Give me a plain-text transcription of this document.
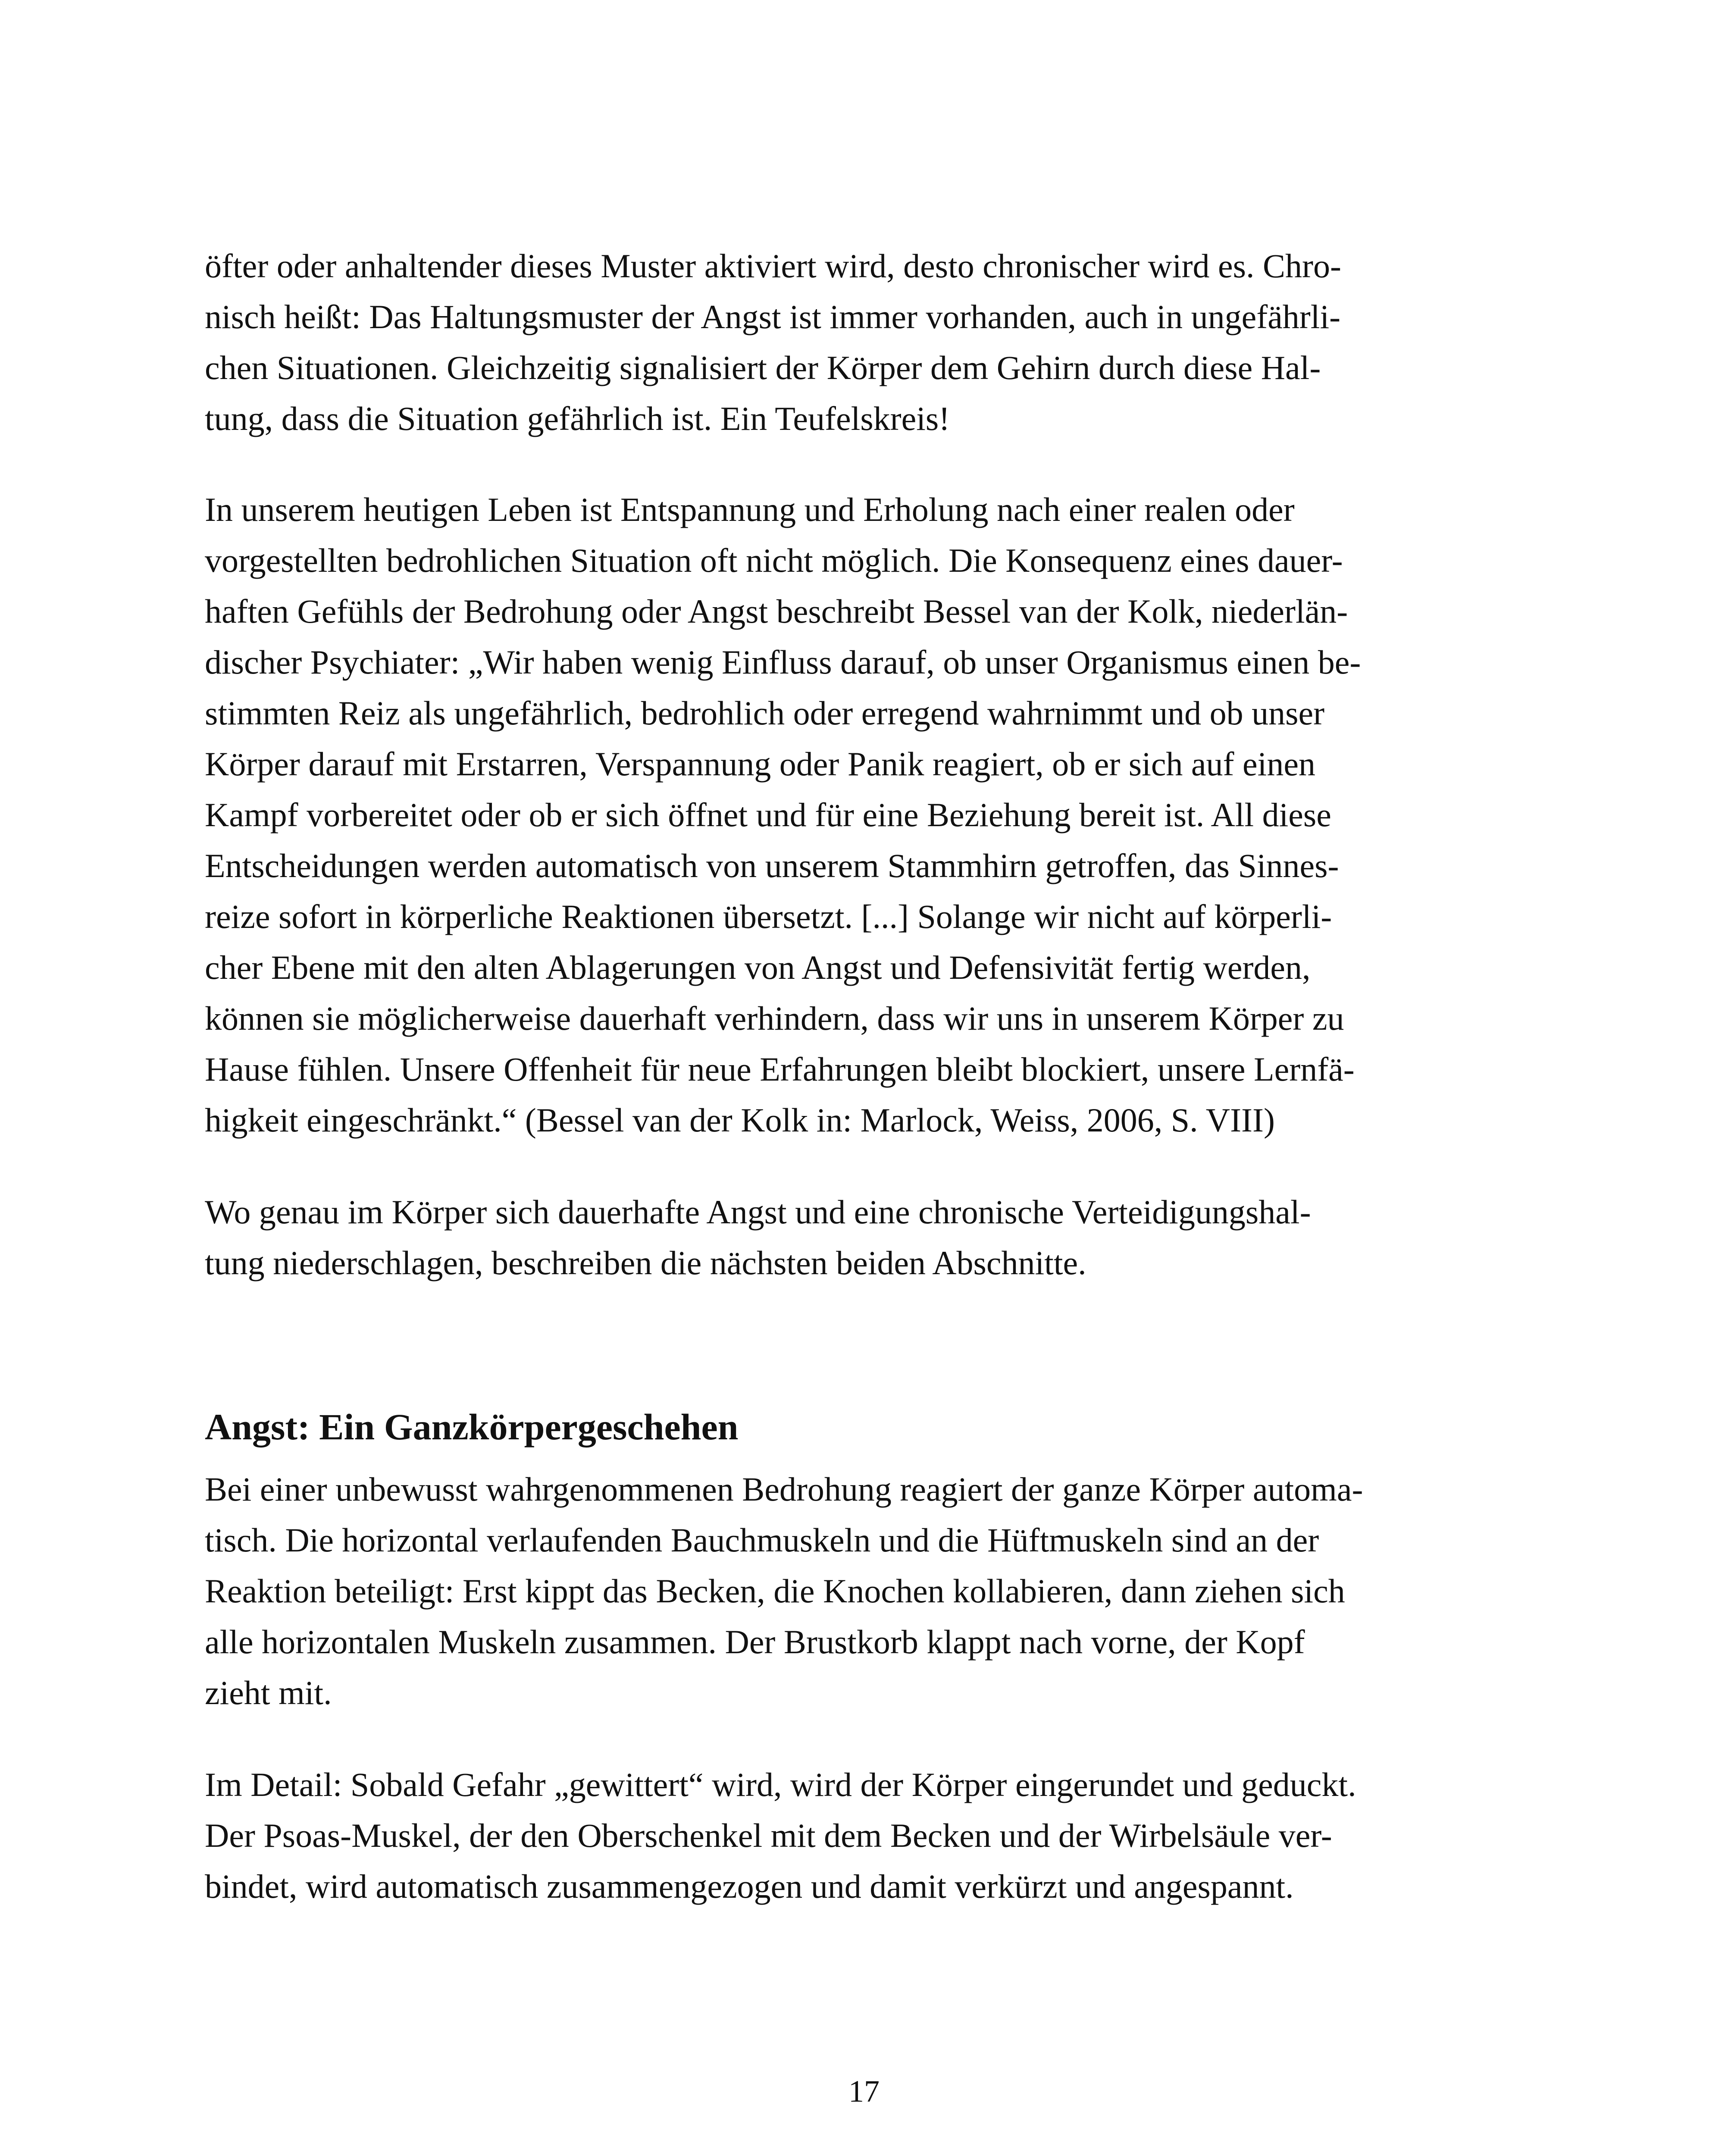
öfter oder anhaltender dieses Muster aktiviert wird, desto chronischer wird es. Chro-
nisch heißt: Das Haltungsmuster der Angst ist immer vorhanden, auch in ungefährli-
chen Situationen. Gleichzeitig signalisiert der Körper dem Gehirn durch diese Hal-
tung, dass die Situation gefährlich ist. Ein Teufelskreis!

In unserem heutigen Leben ist Entspannung und Erholung nach einer realen oder
vorgestellten bedrohlichen Situation oft nicht möglich. Die Konsequenz eines dauer-
haften Gefühls der Bedrohung oder Angst beschreibt Bessel van der Kolk, niederlän-
discher Psychiater: „Wir haben wenig Einfluss darauf, ob unser Organismus einen be-
stimmten Reiz als ungefährlich, bedrohlich oder erregend wahrnimmt und ob unser
Körper darauf mit Erstarren, Verspannung oder Panik reagiert, ob er sich auf einen
Kampf vorbereitet oder ob er sich öffnet und für eine Beziehung bereit ist. All diese
Entscheidungen werden automatisch von unserem Stammhirn getroffen, das Sinnes-
reize sofort in körperliche Reaktionen übersetzt. [...] Solange wir nicht auf körperli-
cher Ebene mit den alten Ablagerungen von Angst und Defensivität fertig werden,
können sie möglicherweise dauerhaft verhindern, dass wir uns in unserem Körper zu
Hause fühlen. Unsere Offenheit für neue Erfahrungen bleibt blockiert, unsere Lernfä-
higkeit eingeschränkt.“ (Bessel van der Kolk in: Marlock, Weiss, 2006, S. VIII)

Wo genau im Körper sich dauerhafte Angst und eine chronische Verteidigungshal-
tung niederschlagen, beschreiben die nächsten beiden Abschnitte.

Angst: Ein Ganzkörpergeschehen

Bei einer unbewusst wahrgenommenen Bedrohung reagiert der ganze Körper automa-
tisch. Die horizontal verlaufenden Bauchmuskeln und die Hüftmuskeln sind an der
Reaktion beteiligt: Erst kippt das Becken, die Knochen kollabieren, dann ziehen sich
alle horizontalen Muskeln zusammen. Der Brustkorb klappt nach vorne, der Kopf
zieht mit.

Im Detail: Sobald Gefahr „gewittert“ wird, wird der Körper eingerundet und geduckt.
Der Psoas-Muskel, der den Oberschenkel mit dem Becken und der Wirbelsäule ver-
bindet, wird automatisch zusammengezogen und damit verkürzt und angespannt.

17
